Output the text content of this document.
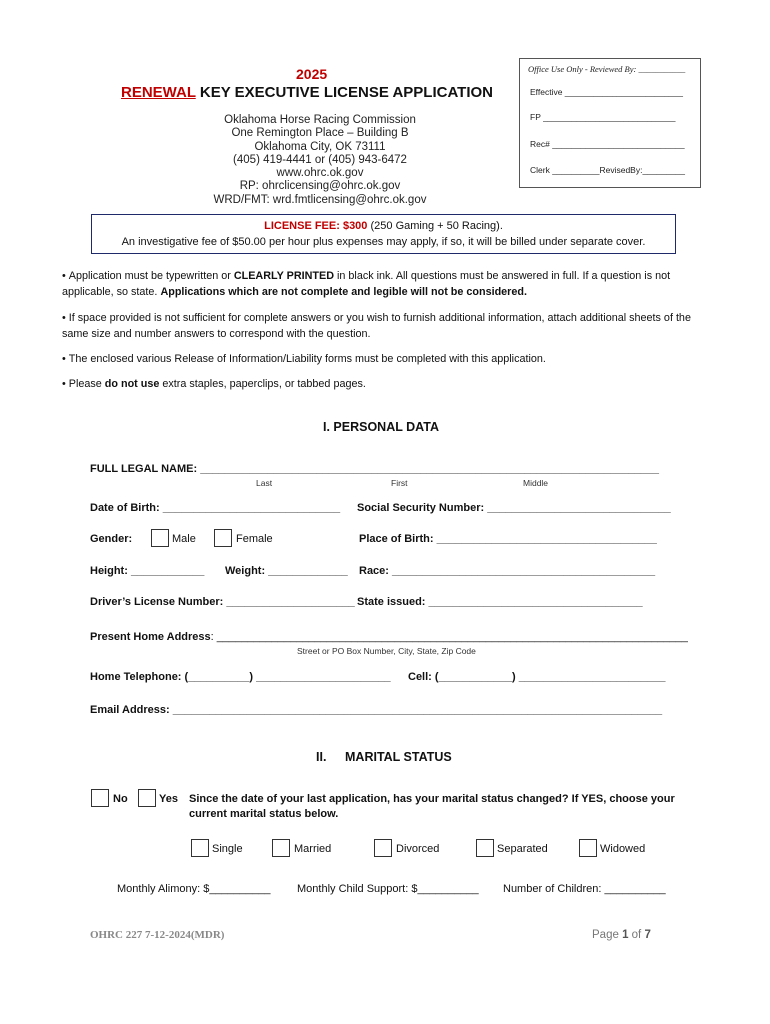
2025
RENEWAL KEY EXECUTIVE LICENSE APPLICATION
Oklahoma Horse Racing Commission
One Remington Place – Building B
Oklahoma City, OK 73111
(405) 419-4441 or (405) 943-6472
www.ohrc.ok.gov
RP: ohrclicensing@ohrc.ok.gov
WRD/FMT: wrd.fmtlicensing@ohrc.ok.gov
Office Use Only - Reviewed By: ___________
Effective _________________________
FP ____________________________
Rec# ____________________________
Clerk __________RevisedBy:_________
LICENSE FEE: $300 (250 Gaming + 50 Racing).
An investigative fee of $50.00 per hour plus expenses may apply, if so, it will be billed under separate cover.
• Application must be typewritten or CLEARLY PRINTED in black ink. All questions must be answered in full. If a question is not applicable, so state. Applications which are not complete and legible will not be considered.
• If space provided is not sufficient for complete answers or you wish to furnish additional information, attach additional sheets of the same size and number answers to correspond with the question.
• The enclosed various Release of Information/Liability forms must be completed with this application.
• Please do not use extra staples, paperclips, or tabbed pages.
I. PERSONAL DATA
FULL LEGAL NAME: ___________________________________________________________________________
Last	First	Middle
Date of Birth: _____________________________ Social Security Number: ______________________________
Gender:	Male	Female	Place of Birth: ____________________________________
Height: ____________ Weight: _____________ Race: ___________________________________________
Driver’s License Number: _____________________ State issued: ___________________________________
Present Home Address: _____________________________________________________________________________
Street or PO Box Number, City, State, Zip Code
Home Telephone: (__________) ______________________ Cell: (____________) ________________________
Email Address: ________________________________________________________________________________
II. MARITAL STATUS
No	Yes Since the date of your last application, has your marital status changed? If YES, choose your
current marital status below.
Single	Married	Divorced	Separated	Widowed
Monthly Alimony: $__________ Monthly Child Support: $__________ Number of Children: __________
OHRC 227 7-12-2024(MDR)	Page 1 of 7
